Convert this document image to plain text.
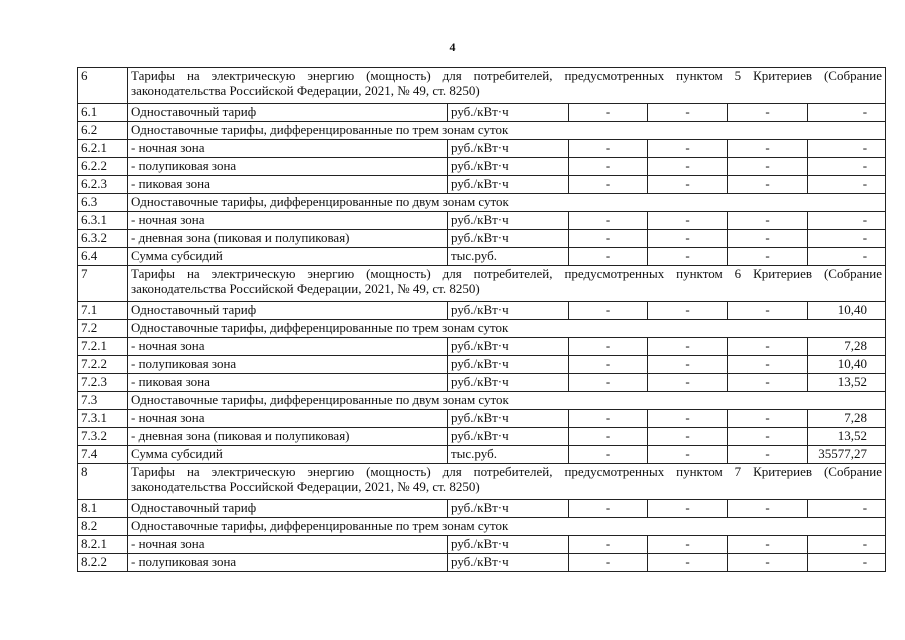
4
6	Тарифы на электрическую энергию (мощность) для потребителей, предусмотренных пунктом 5 Критериев (Собрание законодательства Российской Федерации, 2021, № 49, ст. 8250)					
6.1	Одноставочный тариф	руб./кВт·ч	-	-	-	-
6.2	Одноставочные тарифы, дифференцированные по трем зонам суток					
6.2.1	- ночная зона	руб./кВт·ч	-	-	-	-
6.2.2	- полупиковая зона	руб./кВт·ч	-	-	-	-
6.2.3	- пиковая зона	руб./кВт·ч	-	-	-	-
6.3	Одноставочные тарифы, дифференцированные по двум зонам суток					
6.3.1	- ночная зона	руб./кВт·ч	-	-	-	-
6.3.2	- дневная зона (пиковая и полупиковая)	руб./кВт·ч	-	-	-	-
6.4	Сумма субсидий	тыс.руб.	-	-	-	-
7	Тарифы на электрическую энергию (мощность) для потребителей, предусмотренных пунктом 6 Критериев (Собрание законодательства Российской Федерации, 2021, № 49, ст. 8250)					
7.1	Одноставочный тариф	руб./кВт·ч	-	-	-	10,40
7.2	Одноставочные тарифы, дифференцированные по трем зонам суток					
7.2.1	- ночная зона	руб./кВт·ч	-	-	-	7,28
7.2.2	- полупиковая зона	руб./кВт·ч	-	-	-	10,40
7.2.3	- пиковая зона	руб./кВт·ч	-	-	-	13,52
7.3	Одноставочные тарифы, дифференцированные по двум зонам суток					
7.3.1	- ночная зона	руб./кВт·ч	-	-	-	7,28
7.3.2	- дневная зона (пиковая и полупиковая)	руб./кВт·ч	-	-	-	13,52
7.4	Сумма субсидий	тыс.руб.	-	-	-	35577,27
8	Тарифы на электрическую энергию (мощность) для потребителей, предусмотренных пунктом 7 Критериев (Собрание законодательства Российской Федерации, 2021, № 49, ст. 8250)					
8.1	Одноставочный тариф	руб./кВт·ч	-	-	-	-
8.2	Одноставочные тарифы, дифференцированные по трем зонам суток					
8.2.1	- ночная зона	руб./кВт·ч	-	-	-	-
8.2.2	- полупиковая зона	руб./кВт·ч	-	-	-	-
